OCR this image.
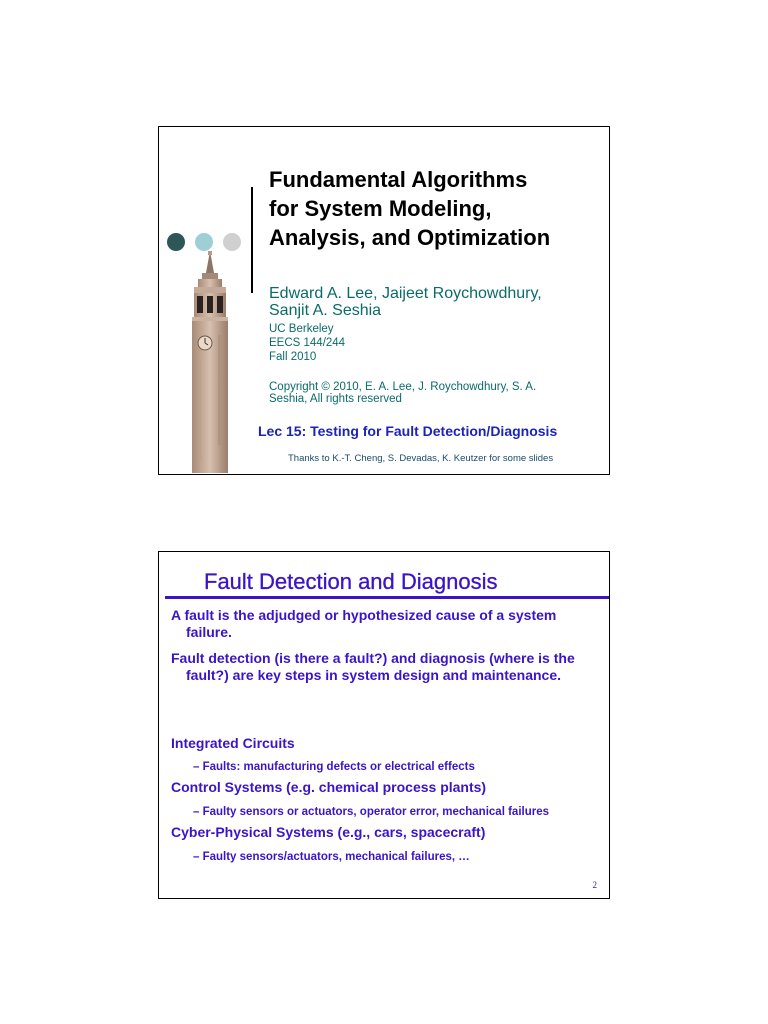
Fundamental Algorithms
for System Modeling,
Analysis, and Optimization
Edward A. Lee, Jaijeet Roychowdhury,
Sanjit A. Seshia
UC Berkeley
EECS 144/244
Fall 2010
Copyright © 2010, E. A. Lee, J. Roychowdhury, S. A.
Seshia, All rights reserved
Lec 15: Testing for Fault Detection/Diagnosis
Thanks to K.-T. Cheng, S. Devadas, K. Keutzer for some slides
Fault Detection and Diagnosis
A fault is the adjudged or hypothesized cause of a system failure.
Fault detection (is there a fault?) and diagnosis (where is the fault?) are key steps in system design and maintenance.
Integrated Circuits
– Faults: manufacturing defects or electrical effects
Control Systems (e.g. chemical process plants)
– Faulty sensors or actuators, operator error, mechanical failures
Cyber-Physical Systems (e.g., cars, spacecraft)
– Faulty sensors/actuators, mechanical failures, …
2
